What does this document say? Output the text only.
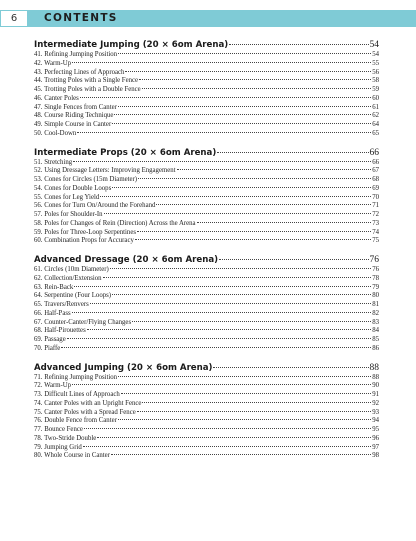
6	CONTENTS
Intermediate Jumping (20 × 6om Arena)	54
41. Refining Jumping Position	54
42. Warm-Up	55
43. Perfecting Lines of Approach	56
44. Trotting Poles with a Single Fence	58
45. Trotting Poles with a Double Fence	59
46. Canter Poles	60
47. Single Fences from Canter	61
48. Course Riding Technique	62
49. Simple Course in Canter	64
50. Cool-Down	65
Intermediate Props (20 × 6om Arena)	66
51. Stretching	66
52. Using Dressage Letters: Improving Engagement	67
53. Cones for Circles (15m Diameter)	68
54. Cones for Double Loops	69
55. Cones for Leg Yield	70
56. Cones for Turn On/Around the Forehand	71
57. Poles for Shoulder-In	72
58. Poles for Changes of Rein (Direction) Across the Arena	73
59. Poles for Three-Loop Serpentines	74
60. Combination Props for Accuracy	75
Advanced Dressage (20 × 6om Arena)	76
61. Circles (10m Diameter)	76
62. Collection/Extension	78
63. Rein-Back	79
64. Serpentine (Four Loops)	80
65. Travers/Renvers	81
66. Half-Pass	82
67. Counter-Canter/Flying Changes	83
68. Half-Pirouettes	84
69. Passage	85
70. Piaffe	86
Advanced Jumping (20 × 6om Arena)	88
71. Refining Jumping Position	88
72. Warm-Up	90
73. Difficult Lines of Approach	91
74. Canter Poles with an Upright Fence	92
75. Canter Poles with a Spread Fence	93
76. Double Fence from Canter	94
77. Bounce Fence	95
78. Two-Stride Double	96
79. Jumping Grid	97
80. Whole Course in Canter	98
